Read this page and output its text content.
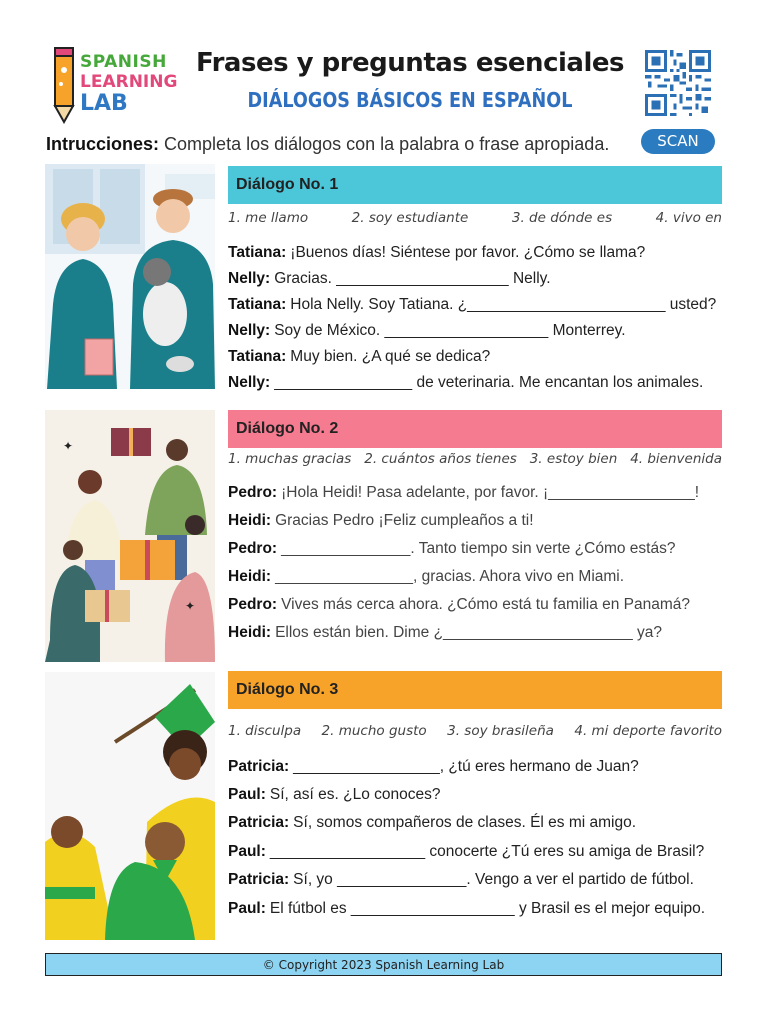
SPANISH
LEARNING
LAB
Frases y preguntas esenciales
DIÁLOGOS BÁSICOS EN ESPAÑOL
SCAN
Intrucciones: Completa los diálogos con la palabra o frase apropiada.
✦
✦
Diálogo No. 1
1. me llamo	2. soy estudiante	3. de dónde es	4. vivo en
Tatiana: ¡Buenos días! Siéntese por favor. ¿Cómo se llama?
Nelly: Gracias. ____________________ Nelly.
Tatiana: Hola Nelly. Soy Tatiana. ¿_______________________ usted?
Nelly: Soy de México. ___________________ Monterrey.
Tatiana: Muy bien. ¿A qué se dedica?
Nelly: ________________ de veterinaria. Me encantan los animales.
Diálogo No. 2
1. muchas gracias 2. cuántos años tienes 3. estoy bien 4. bienvenida
Pedro: ¡Hola Heidi! Pasa adelante, por favor. ¡_________________!
Heidi: Gracias Pedro ¡Feliz cumpleaños a ti!
Pedro: _______________. Tanto tiempo sin verte ¿Cómo estás?
Heidi: ________________, gracias. Ahora vivo en Miami.
Pedro: Vives más cerca ahora. ¿Cómo está tu familia en Panamá?
Heidi: Ellos están bien. Dime ¿______________________ ya?
Diálogo No. 3
1. disculpa 2. mucho gusto 3. soy brasileña 4. mi deporte favorito
Patricia: _________________, ¿tú eres hermano de Juan?
Paul: Sí, así es. ¿Lo conoces?
Patricia: Sí, somos compañeros de clases. Él es mi amigo.
Paul: __________________ conocerte ¿Tú eres su amiga de Brasil?
Patricia: Sí, yo _______________. Vengo a ver el partido de fútbol.
Paul: El fútbol es ___________________ y Brasil es el mejor equipo.
© Copyright 2023 Spanish Learning Lab
